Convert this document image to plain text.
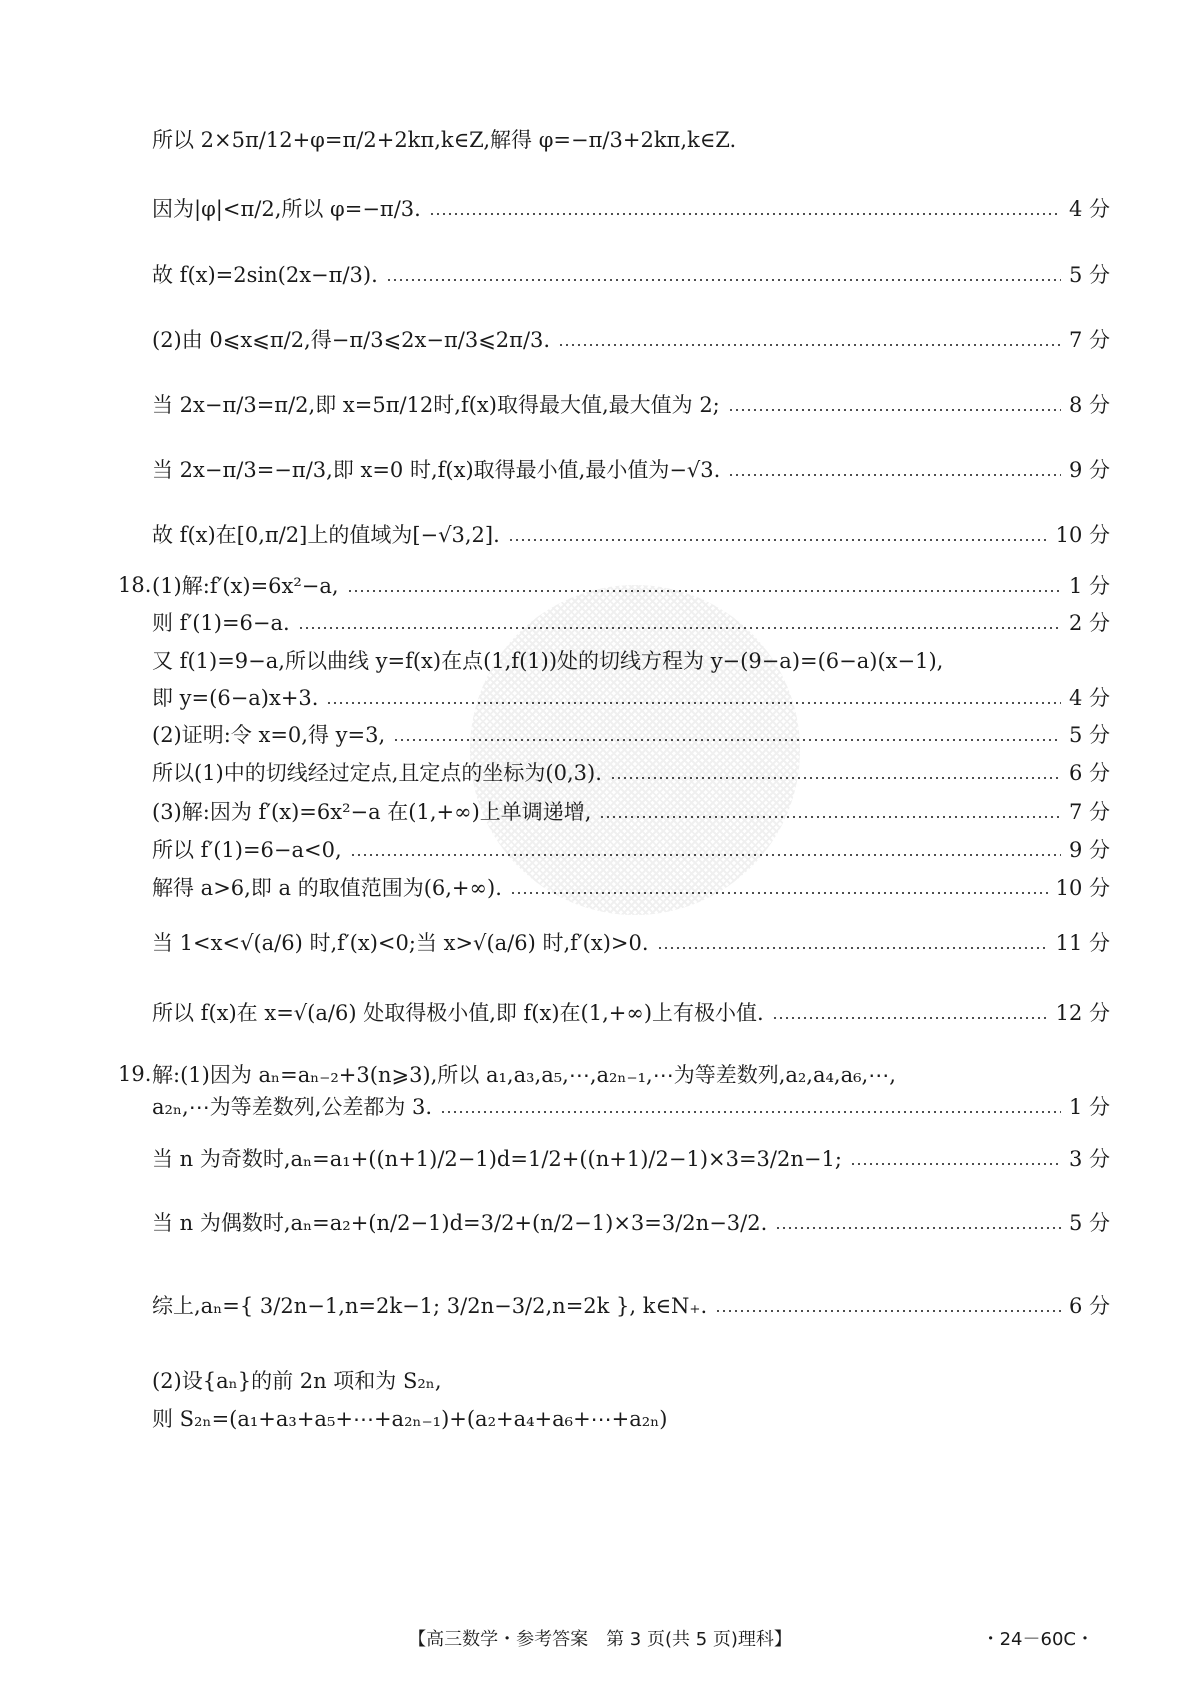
所以 2×5π/12+φ=π/2+2kπ,k∈Z,解得 φ=−π/3+2kπ,k∈Z.
因为|φ|<π/2,所以 φ=−π/3.	4 分
故 f(x)=2sin(2x−π/3).	5 分
(2)由 0⩽x⩽π/2,得−π/3⩽2x−π/3⩽2π/3.	7 分
当 2x−π/3=π/2,即 x=5π/12时,f(x)取得最大值,最大值为 2;	8 分
当 2x−π/3=−π/3,即 x=0 时,f(x)取得最小值,最小值为−√3.	9 分
故 f(x)在[0,π/2]上的值域为[−√3,2].	10 分
18. (1)解:f′(x)=6x²−a,	1 分
则 f′(1)=6−a.	2 分
又 f(1)=9−a,所以曲线 y=f(x)在点(1,f(1))处的切线方程为 y−(9−a)=(6−a)(x−1),
即 y=(6−a)x+3.	4 分
(2)证明:令 x=0,得 y=3,	5 分
所以(1)中的切线经过定点,且定点的坐标为(0,3).	6 分
(3)解:因为 f′(x)=6x²−a 在(1,+∞)上单调递增,	7 分
所以 f′(1)=6−a<0,	9 分
解得 a>6,即 a 的取值范围为(6,+∞).	10 分
当 1<x<√(a/6) 时,f′(x)<0;当 x>√(a/6) 时,f′(x)>0.	11 分
所以 f(x)在 x=√(a/6) 处取得极小值,即 f(x)在(1,+∞)上有极小值.	12 分
19. 解:(1)因为 aₙ=aₙ₋₂+3(n⩾3),所以 a₁,a₃,a₅,⋯,a₂ₙ₋₁,⋯为等差数列,a₂,a₄,a₆,⋯,
a₂ₙ,⋯为等差数列,公差都为 3.	1 分
当 n 为奇数时,aₙ=a₁+((n+1)/2−1)d=1/2+((n+1)/2−1)×3=3/2n−1;	3 分
当 n 为偶数时,aₙ=a₂+(n/2−1)d=3/2+(n/2−1)×3=3/2n−3/2.	5 分
综上,aₙ={ 3/2n−1,n=2k−1; 3/2n−3/2,n=2k }, k∈N₊.	6 分
(2)设{aₙ}的前 2n 项和为 S₂ₙ,
则 S₂ₙ=(a₁+a₃+a₅+⋯+a₂ₙ₋₁)+(a₂+a₄+a₆+⋯+a₂ₙ)
【高三数学・参考答案　第 3 页(共 5 页)理科】	・24－60C・
